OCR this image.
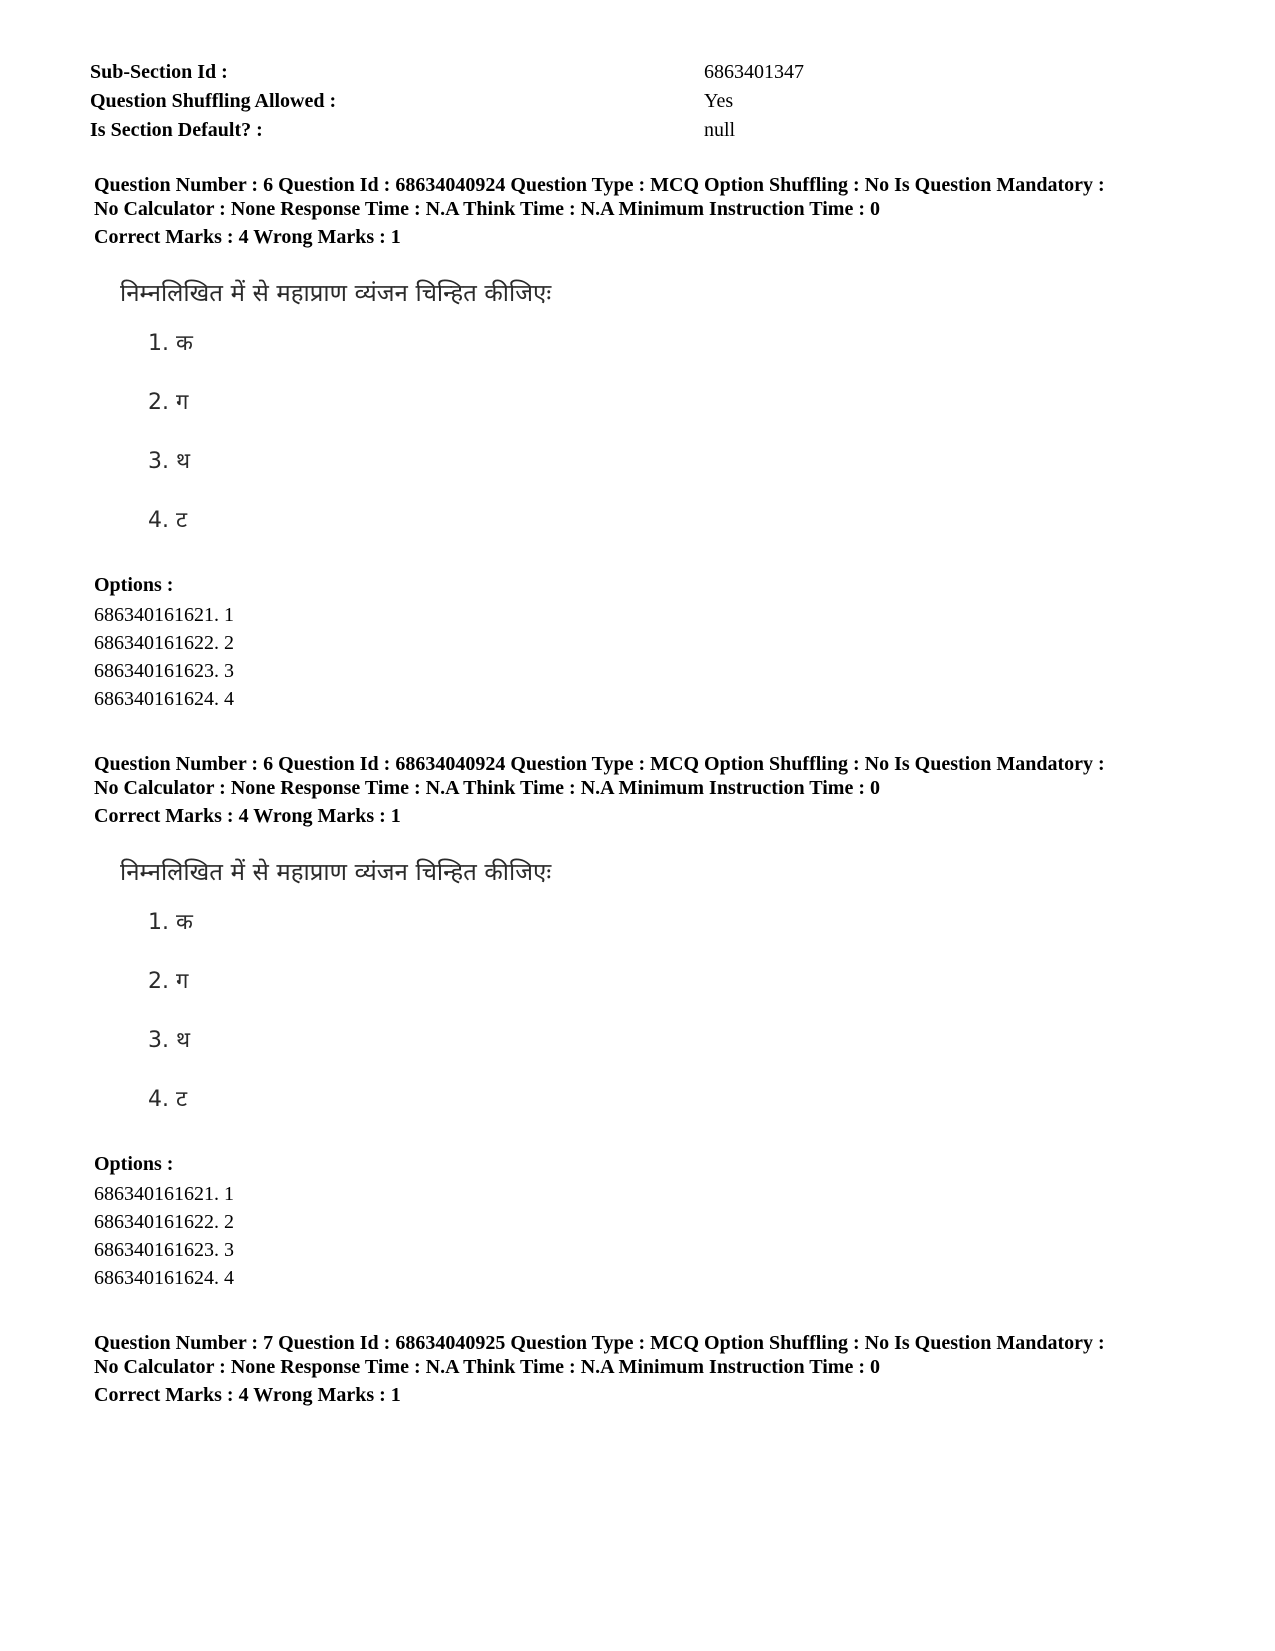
Sub-Section Id :	6863401347
Question Shuffling Allowed :	Yes
Is Section Default? :	null
Question Number : 6 Question Id : 68634040924 Question Type : MCQ Option Shuffling : No Is Question Mandatory :
No Calculator : None Response Time : N.A Think Time : N.A Minimum Instruction Time : 0
Correct Marks : 4 Wrong Marks : 1
निम्नलिखित में से महाप्राण व्यंजन चिन्हित कीजिएः
1. क
2. ग
3. थ
4. ट
Options :
686340161621. 1
686340161622. 2
686340161623. 3
686340161624. 4
Question Number : 6 Question Id : 68634040924 Question Type : MCQ Option Shuffling : No Is Question Mandatory :
No Calculator : None Response Time : N.A Think Time : N.A Minimum Instruction Time : 0
Correct Marks : 4 Wrong Marks : 1
निम्नलिखित में से महाप्राण व्यंजन चिन्हित कीजिएः
1. क
2. ग
3. थ
4. ट
Options :
686340161621. 1
686340161622. 2
686340161623. 3
686340161624. 4
Question Number : 7 Question Id : 68634040925 Question Type : MCQ Option Shuffling : No Is Question Mandatory :
No Calculator : None Response Time : N.A Think Time : N.A Minimum Instruction Time : 0
Correct Marks : 4 Wrong Marks : 1
